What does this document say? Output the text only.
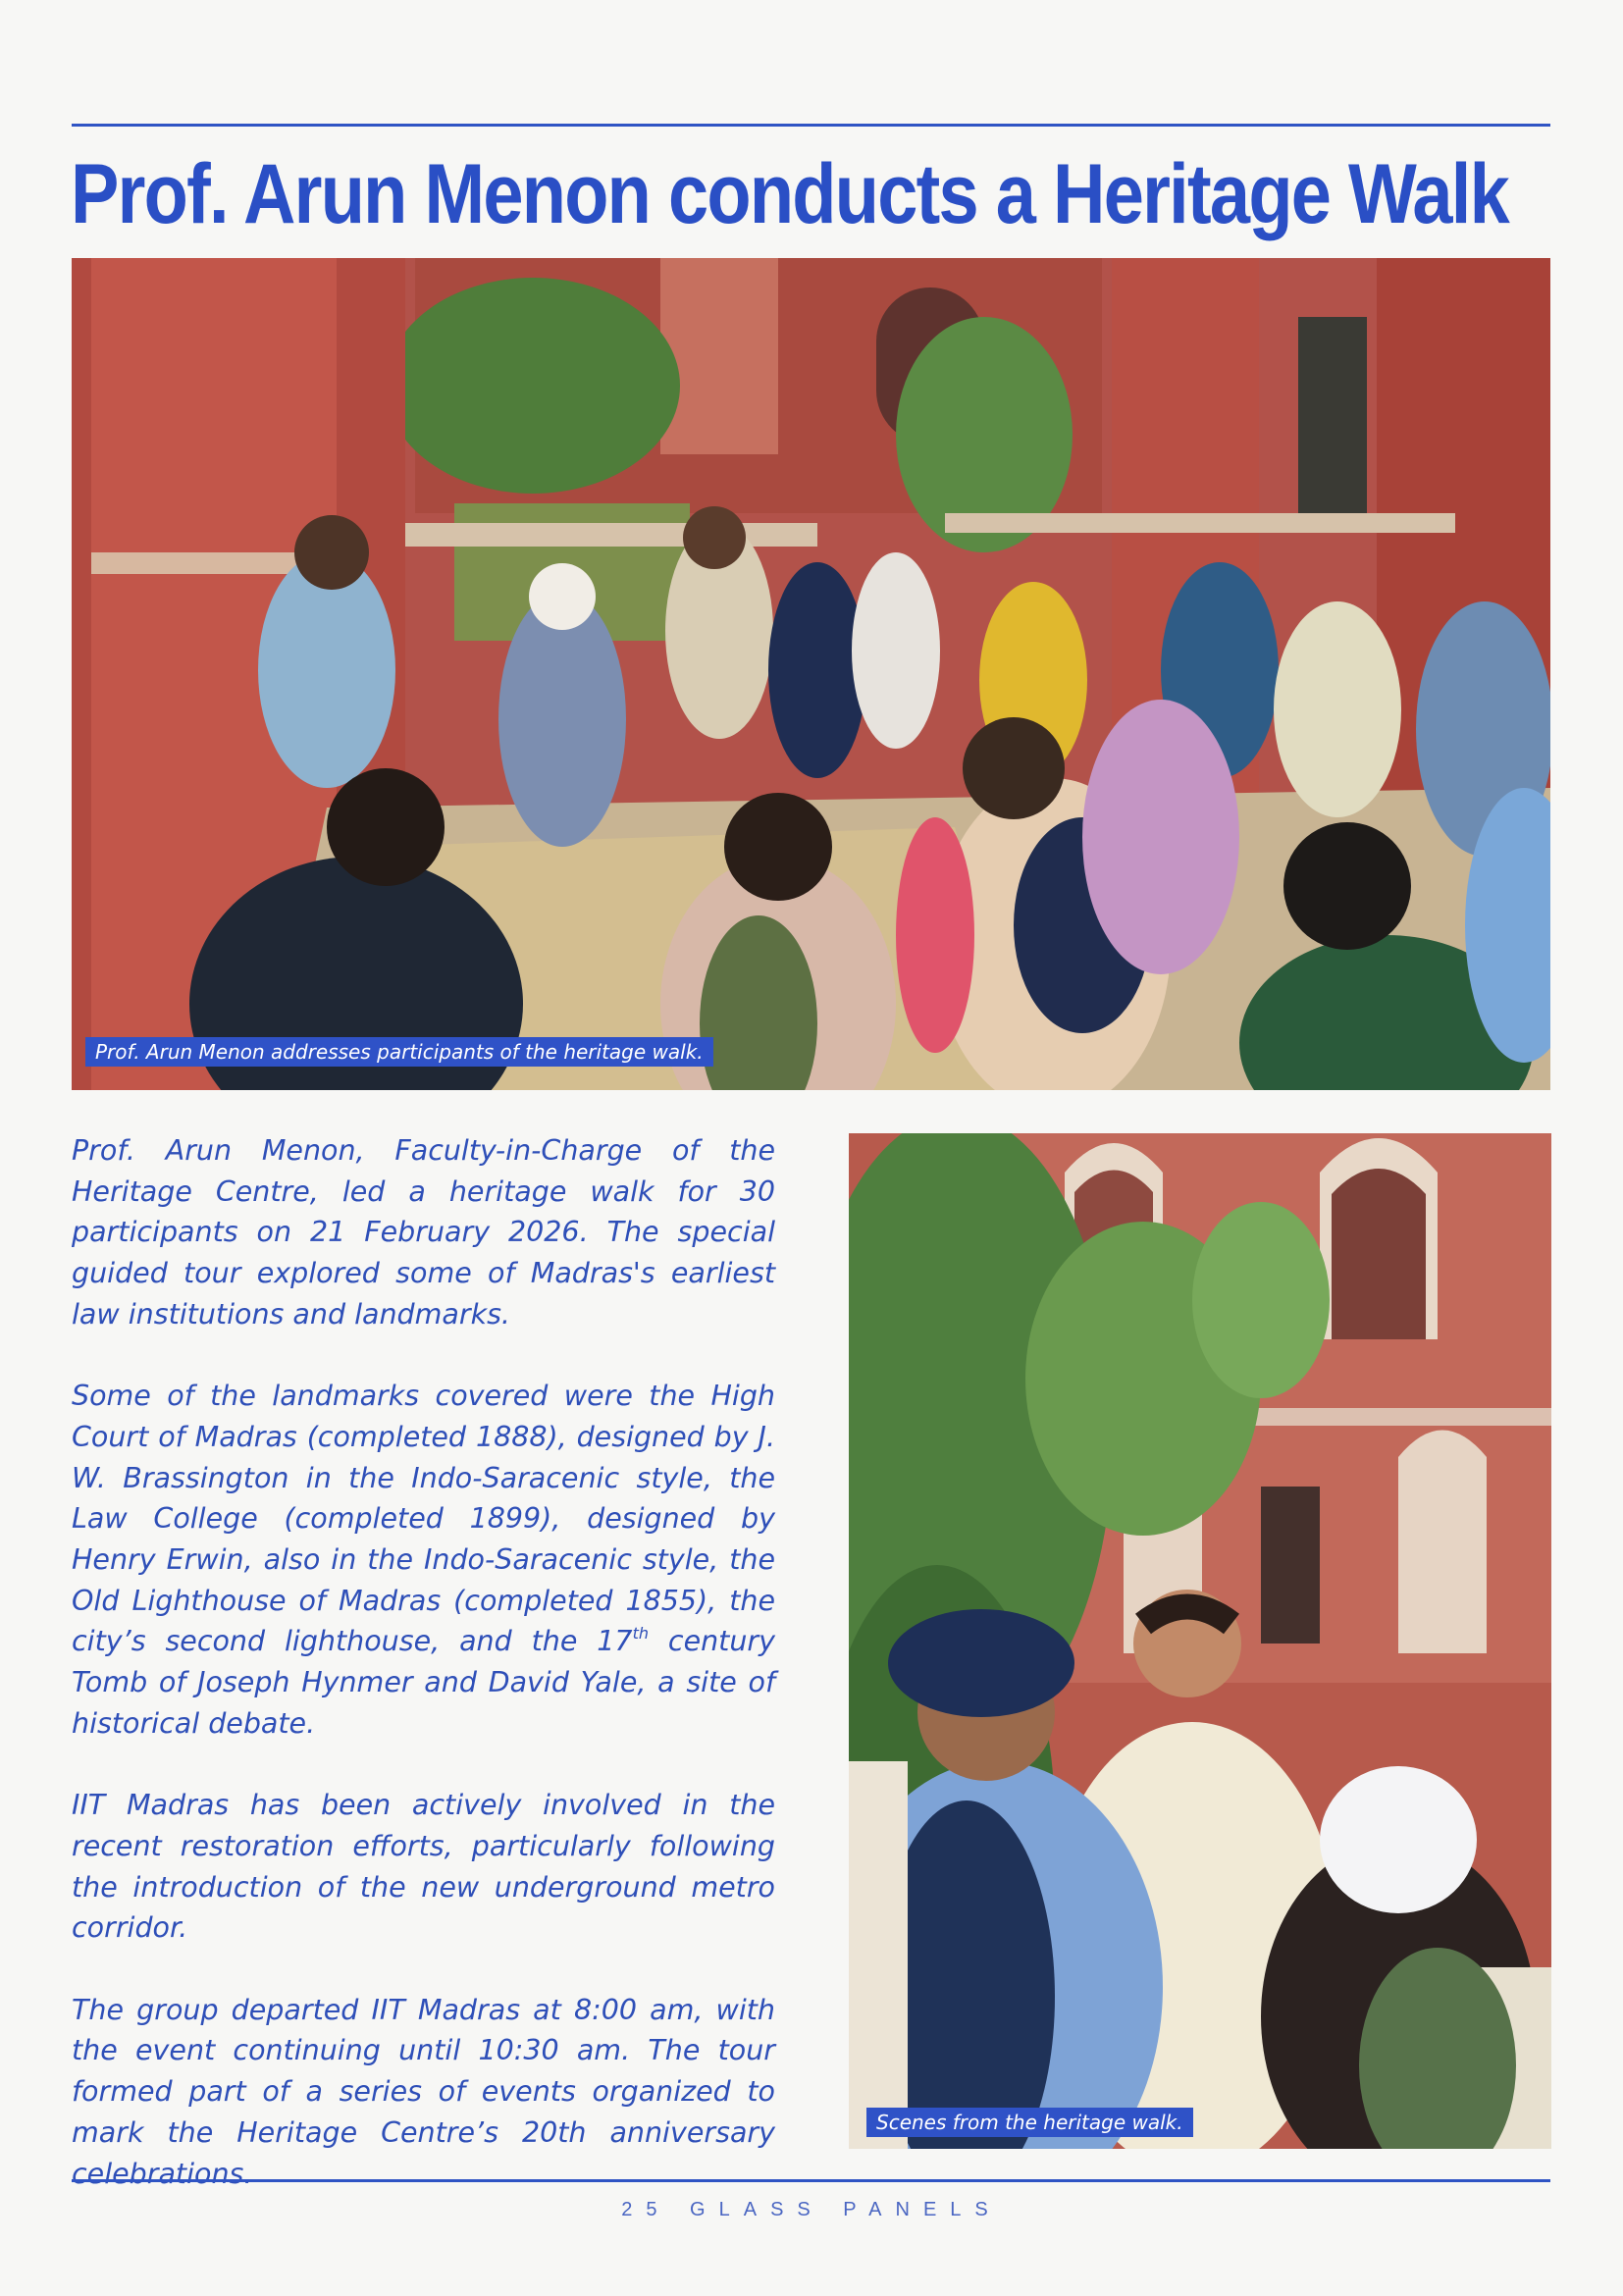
Prof. Arun Menon conducts a Heritage Walk
Prof. Arun Menon addresses participants of the heritage walk.

Prof. Arun Menon, Faculty-in-Charge of the Heritage Centre, led a heritage walk for 30 participants on 21 February 2026. The special guided tour explored some of Madras's earliest law institutions and landmarks.

Some of the landmarks covered were the High Court of Madras (completed 1888), designed by J. W. Brassington in the Indo-Saracenic style, the Law College (completed 1899), designed by Henry Erwin, also in the Indo-Saracenic style, the Old Lighthouse of Madras (completed 1855), the city’s second lighthouse, and the 17th century Tomb of Joseph Hynmer and David Yale, a site of historical debate.

IIT Madras has been actively involved in the recent restoration efforts, particularly following the introduction of the new underground metro corridor.

The group departed IIT Madras at 8:00 am, with the event continuing until 10:30 am. The tour formed part of a series of events organized to mark the Heritage Centre’s 20th anniversary celebrations.

Scenes from the heritage walk.
25 GLASS PANELS
